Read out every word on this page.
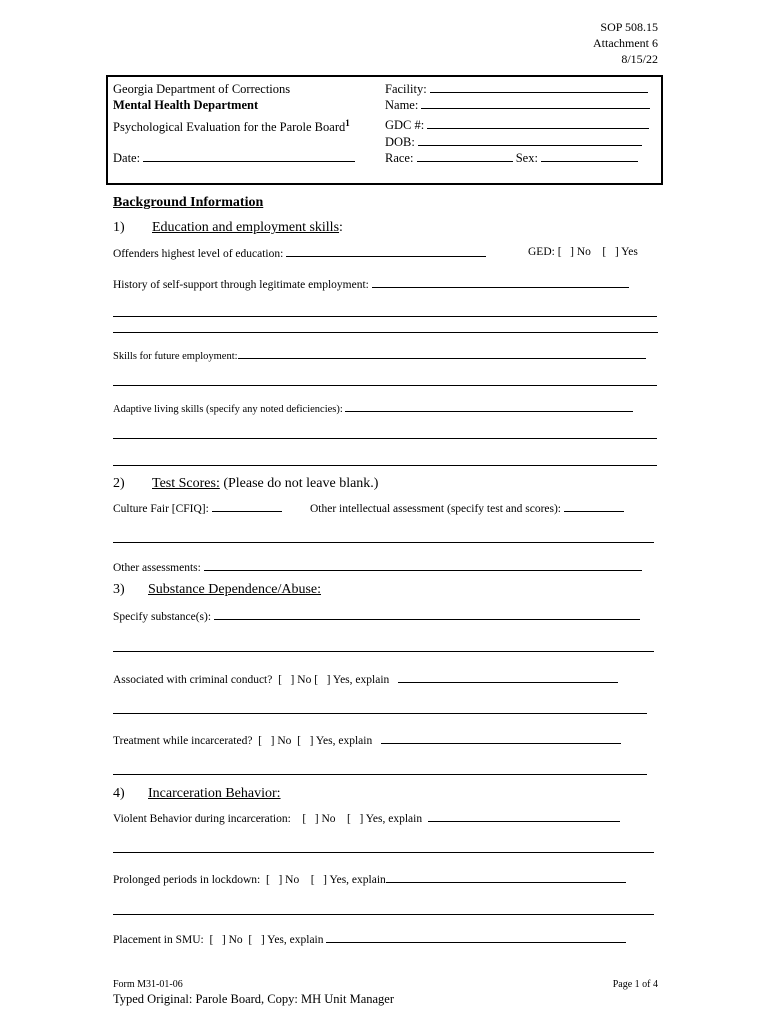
SOP 508.15
Attachment 6
8/15/22
Georgia Department of Corrections
Mental Health Department
Psychological Evaluation for the Parole Board$^1$
Date:
Facility:
Name:
GDC #:
DOB:
Race:	Sex:
Background Information
1) Education and employment skills:
Offenders highest level of education:	GED: [   ] No    [   ] Yes
History of self-support through legitimate employment:
Skills for future employment:
Adaptive living skills (specify any noted deficiencies):
2) Test Scores: (Please do not leave blank.)
Culture Fair [CFIQ]:	Other intellectual assessment (specify test and scores):
Other assessments:
3) Substance Dependence/Abuse:
Specify substance(s):
Associated with criminal conduct?  [   ] No [   ] Yes, explain
Treatment while incarcerated?  [   ] No  [   ] Yes, explain
4) Incarceration Behavior:
Violent Behavior during incarceration:    [   ] No    [   ] Yes, explain
Prolonged periods in lockdown:  [   ] No    [   ] Yes, explain
Placement in SMU:  [   ] No  [   ] Yes, explain
Form M31-01-06	Page 1 of 4
Typed Original: Parole Board, Copy: MH Unit Manager
